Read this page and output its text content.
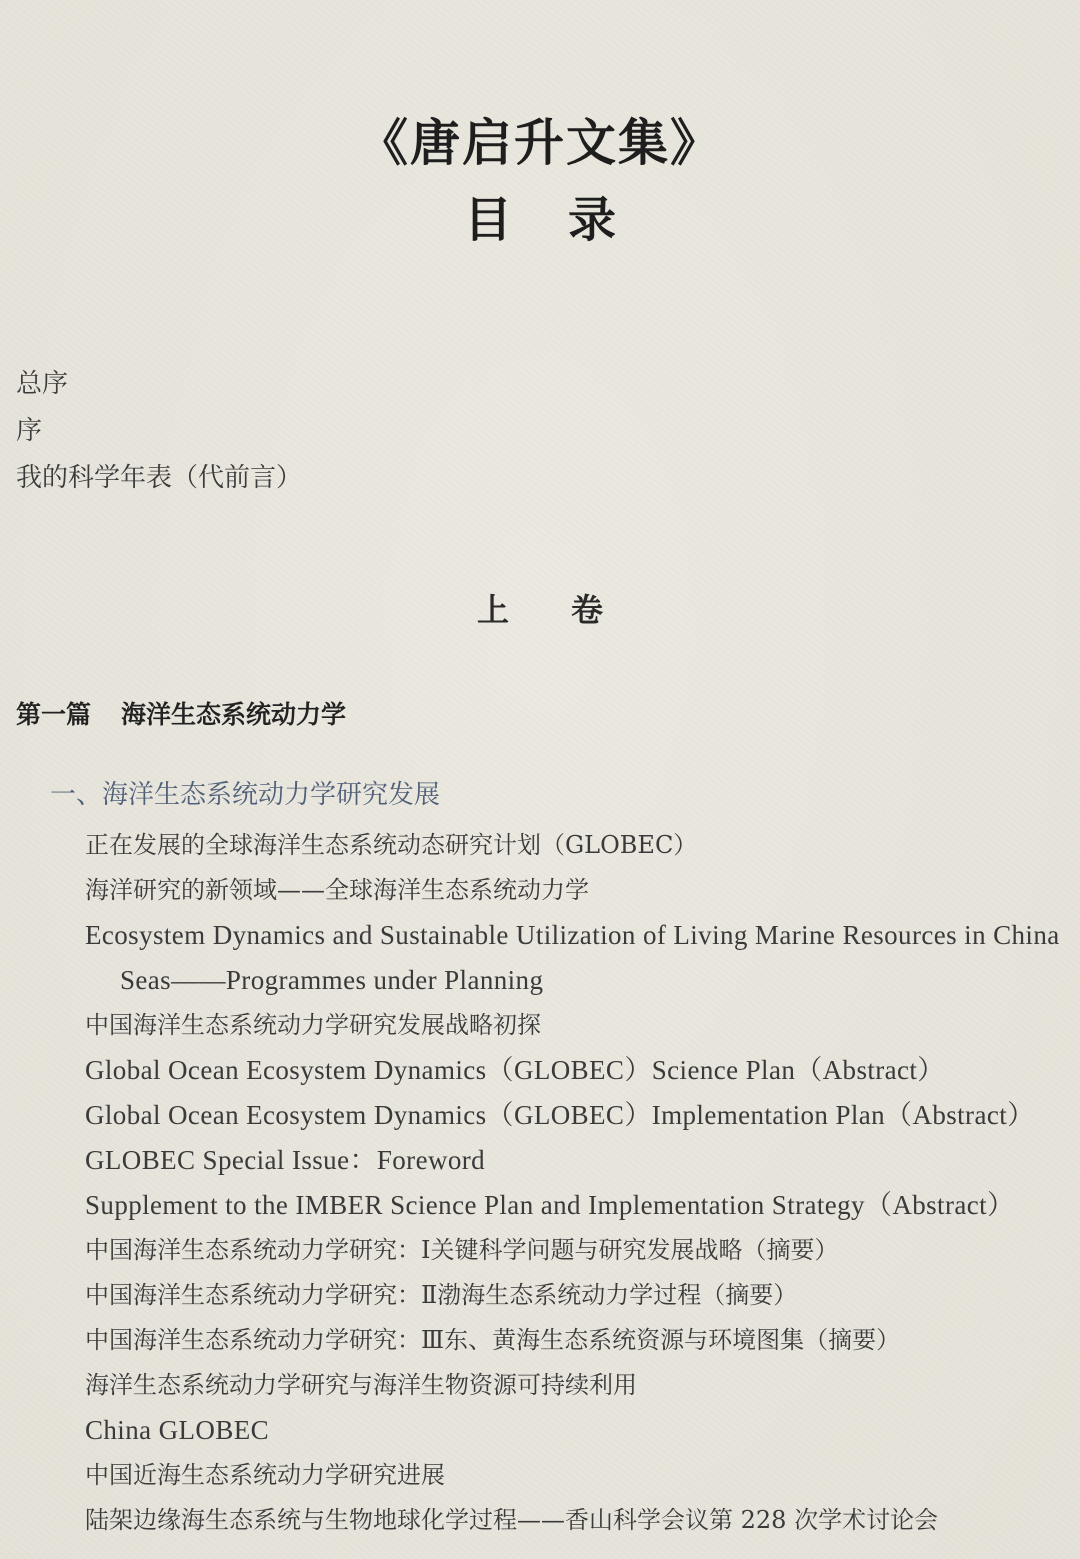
《唐启升文集》
目 录
总序
序
我的科学年表（代前言）
上 卷
第一篇 海洋生态系统动力学
一、海洋生态系统动力学研究发展
正在发展的全球海洋生态系统动态研究计划（GLOBEC）
海洋研究的新领域——全球海洋生态系统动力学
Ecosystem Dynamics and Sustainable Utilization of Living Marine Resources in China
Seas——Programmes under Planning
中国海洋生态系统动力学研究发展战略初探
Global Ocean Ecosystem Dynamics（GLOBEC）Science Plan（Abstract）
Global Ocean Ecosystem Dynamics（GLOBEC）Implementation Plan（Abstract）
GLOBEC Special Issue：Foreword
Supplement to the IMBER Science Plan and Implementation Strategy（Abstract）
中国海洋生态系统动力学研究：Ⅰ关键科学问题与研究发展战略（摘要）
中国海洋生态系统动力学研究：Ⅱ渤海生态系统动力学过程（摘要）
中国海洋生态系统动力学研究：Ⅲ东、黄海生态系统资源与环境图集（摘要）
海洋生态系统动力学研究与海洋生物资源可持续利用
China GLOBEC
中国近海生态系统动力学研究进展
陆架边缘海生态系统与生物地球化学过程——香山科学会议第 228 次学术讨论会
